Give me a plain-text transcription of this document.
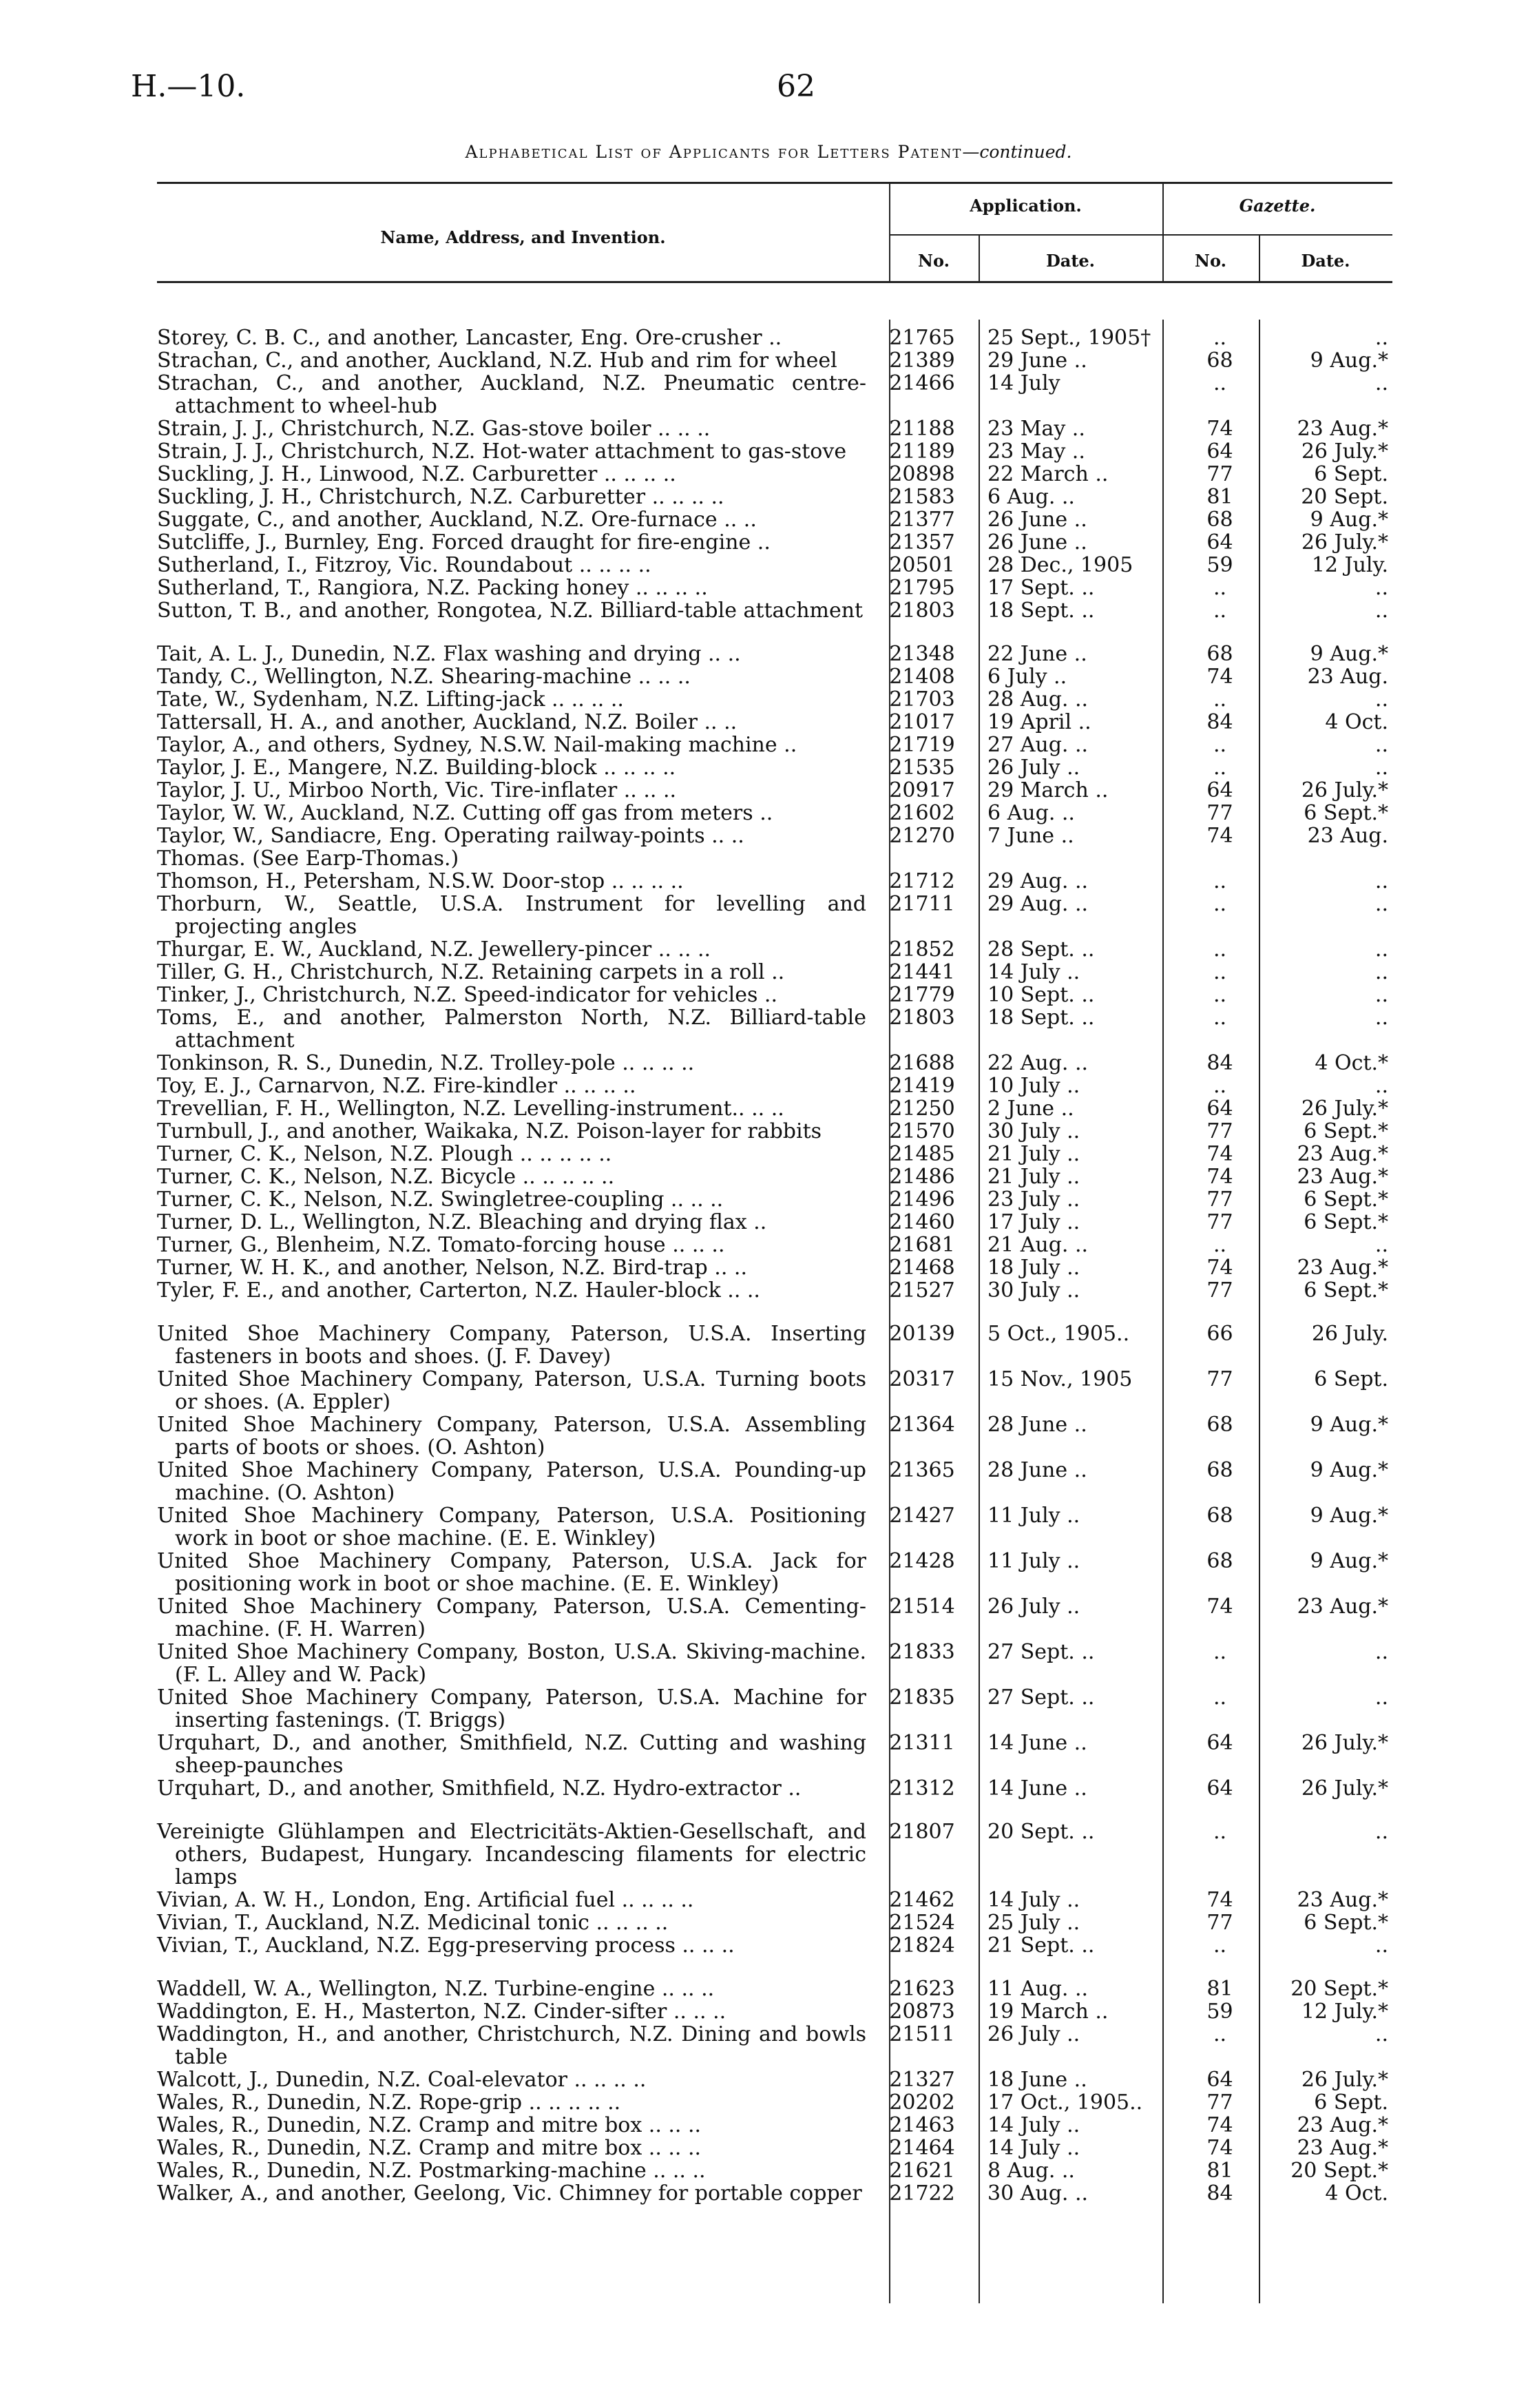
H.—10.	62
Alphabetical List of Applicants for Letters Patent—continued.
Name, Address, and Invention.
Application.	Gazette.
No.	Date.	No.	Date.
Storey, C. B. C., and another, Lancaster, Eng. Ore-crusher ..	21765 25 Sept., 1905†	..	..
Strachan, C., and another, Auckland, N.Z. Hub and rim for wheel	21389 29 June ..	68	9 Aug.*
Strachan, C., and another, Auckland, N.Z. Pneumatic centre-attachment to wheel-hub
21466 14 July	..	..
Strain, J. J., Christchurch, N.Z. Gas-stove boiler .. .. ..	21188 23 May ..	74	23 Aug.*
Strain, J. J., Christchurch, N.Z. Hot-water attachment to gas-stove	21189 23 May ..	64	26 July.*
Suckling, J. H., Linwood, N.Z. Carburetter .. .. .. ..	20898 22 March ..	77	6 Sept.
Suckling, J. H., Christchurch, N.Z. Carburetter .. .. .. ..	21583 6 Aug. ..	81	20 Sept.
Suggate, C., and another, Auckland, N.Z. Ore-furnace .. ..	21377 26 June ..	68	9 Aug.*
Sutcliffe, J., Burnley, Eng. Forced draught for fire-engine ..	21357 26 June ..	64	26 July.*
Sutherland, I., Fitzroy, Vic. Roundabout .. .. .. ..	20501 28 Dec., 1905	59	12 July.
Sutherland, T., Rangiora, N.Z. Packing honey .. .. .. ..	21795 17 Sept. ..	..	..
Sutton, T. B., and another, Rongotea, N.Z. Billiard-table attachment 21803 18 Sept. ..	..	..
Tait, A. L. J., Dunedin, N.Z. Flax washing and drying .. ..	21348 22 June ..	68	9 Aug.*
Tandy, C., Wellington, N.Z. Shearing-machine .. .. ..	21408 6 July ..	74	23 Aug.
Tate, W., Sydenham, N.Z. Lifting-jack .. .. .. ..	21703 28 Aug. ..	..	..
Tattersall, H. A., and another, Auckland, N.Z. Boiler .. ..	21017 19 April ..	84	4 Oct.
Taylor, A., and others, Sydney, N.S.W. Nail-making machine ..	21719 27 Aug. ..	..	..
Taylor, J. E., Mangere, N.Z. Building-block .. .. .. ..	21535 26 July ..	..	..
Taylor, J. U., Mirboo North, Vic. Tire-inflater .. .. ..	20917 29 March ..	64	26 July.*
Taylor, W. W., Auckland, N.Z. Cutting off gas from meters ..	21602 6 Aug. ..	77	6 Sept.*
Taylor, W., Sandiacre, Eng. Operating railway-points .. ..	21270 7 June ..	74	23 Aug.
Thomas. (See Earp-Thomas.)
Thomson, H., Petersham, N.S.W. Door-stop .. .. .. ..	21712 29 Aug. ..	..	..
Thorburn, W., Seattle, U.S.A. Instrument for levelling and projecting angles
21711 29 Aug. ..	..	..
Thurgar, E. W., Auckland, N.Z. Jewellery-pincer .. .. ..	21852 28 Sept. ..	..	..
Tiller, G. H., Christchurch, N.Z. Retaining carpets in a roll ..	21441 14 July ..	..	..
Tinker, J., Christchurch, N.Z. Speed-indicator for vehicles ..	21779 10 Sept. ..	..	..
Toms, E., and another, Palmerston North, N.Z. Billiard-table attachment
21803 18 Sept. ..	..	..
Tonkinson, R. S., Dunedin, N.Z. Trolley-pole .. .. .. ..	21688 22 Aug. ..	84	4 Oct.*
Toy, E. J., Carnarvon, N.Z. Fire-kindler .. .. .. ..	21419 10 July ..	..	..
Trevellian, F. H., Wellington, N.Z. Levelling-instrument.. .. ..	21250 2 June ..	64	26 July.*
Turnbull, J., and another, Waikaka, N.Z. Poison-layer for rabbits	21570 30 July ..	77	6 Sept.*
Turner, C. K., Nelson, N.Z. Plough .. .. .. .. ..	21485 21 July ..	74	23 Aug.*
Turner, C. K., Nelson, N.Z. Bicycle .. .. .. .. ..	21486 21 July ..	74	23 Aug.*
Turner, C. K., Nelson, N.Z. Swingletree-coupling .. .. ..	21496 23 July ..	77	6 Sept.*
Turner, D. L., Wellington, N.Z. Bleaching and drying flax ..	21460 17 July ..	77	6 Sept.*
Turner, G., Blenheim, N.Z. Tomato-forcing house .. .. ..	21681 21 Aug. ..	..	..
Turner, W. H. K., and another, Nelson, N.Z. Bird-trap .. ..	21468 18 July ..	74	23 Aug.*
Tyler, F. E., and another, Carterton, N.Z. Hauler-block .. ..	21527 30 July ..	77	6 Sept.*
United Shoe Machinery Company, Paterson, U.S.A. Inserting fasteners in boots and shoes. (J. F. Davey)
20139 5 Oct., 1905..	66	26 July.
United Shoe Machinery Company, Paterson, U.S.A. Turning boots or shoes. (A. Eppler)
20317 15 Nov., 1905	77	6 Sept.
United Shoe Machinery Company, Paterson, U.S.A. Assembling parts of boots or shoes. (O. Ashton)
21364 28 June ..	68	9 Aug.*
United Shoe Machinery Company, Paterson, U.S.A. Pounding-up machine. (O. Ashton)
21365 28 June ..	68	9 Aug.*
United Shoe Machinery Company, Paterson, U.S.A. Positioning work in boot or shoe machine. (E. E. Winkley)
21427 11 July ..	68	9 Aug.*
United Shoe Machinery Company, Paterson, U.S.A. Jack for positioning work in boot or shoe machine. (E. E. Winkley)
21428 11 July ..	68	9 Aug.*
United Shoe Machinery Company, Paterson, U.S.A. Cementing-machine. (F. H. Warren)
21514 26 July ..	74	23 Aug.*
United Shoe Machinery Company, Boston, U.S.A. Skiving-machine. (F. L. Alley and W. Pack)
21833 27 Sept. ..	..	..
United Shoe Machinery Company, Paterson, U.S.A. Machine for inserting fastenings. (T. Briggs)
21835 27 Sept. ..	..	..
Urquhart, D., and another, Smithfield, N.Z. Cutting and washing sheep-paunches
21311 14 June ..	64	26 July.*
Urquhart, D., and another, Smithfield, N.Z. Hydro-extractor ..	21312 14 June ..	64	26 July.*
Vereinigte Glühlampen and Electricitäts-Aktien-Gesellschaft, and others, Budapest, Hungary. Incandescing filaments for electric lamps
21807 20 Sept. ..	..	..
Vivian, A. W. H., London, Eng. Artificial fuel .. .. .. ..	21462 14 July ..	74	23 Aug.*
Vivian, T., Auckland, N.Z. Medicinal tonic .. .. .. ..	21524 25 July ..	77	6 Sept.*
Vivian, T., Auckland, N.Z. Egg-preserving process .. .. ..	21824 21 Sept. ..	..	..
Waddell, W. A., Wellington, N.Z. Turbine-engine .. .. ..	21623 11 Aug. ..	81	20 Sept.*
Waddington, E. H., Masterton, N.Z. Cinder-sifter .. .. ..	20873 19 March ..	59	12 July.*
Waddington, H., and another, Christchurch, N.Z. Dining and bowls table
21511 26 July ..	..	..
Walcott, J., Dunedin, N.Z. Coal-elevator .. .. .. ..	21327 18 June ..	64	26 July.*
Wales, R., Dunedin, N.Z. Rope-grip .. .. .. .. ..	20202 17 Oct., 1905..	77	6 Sept.
Wales, R., Dunedin, N.Z. Cramp and mitre box .. .. ..	21463 14 July ..	74	23 Aug.*
Wales, R., Dunedin, N.Z. Cramp and mitre box .. .. ..	21464 14 July ..	74	23 Aug.*
Wales, R., Dunedin, N.Z. Postmarking-machine .. .. ..	21621 8 Aug. ..	81	20 Sept.*
Walker, A., and another, Geelong, Vic. Chimney for portable copper 21722 30 Aug. ..	84	4 Oct.
